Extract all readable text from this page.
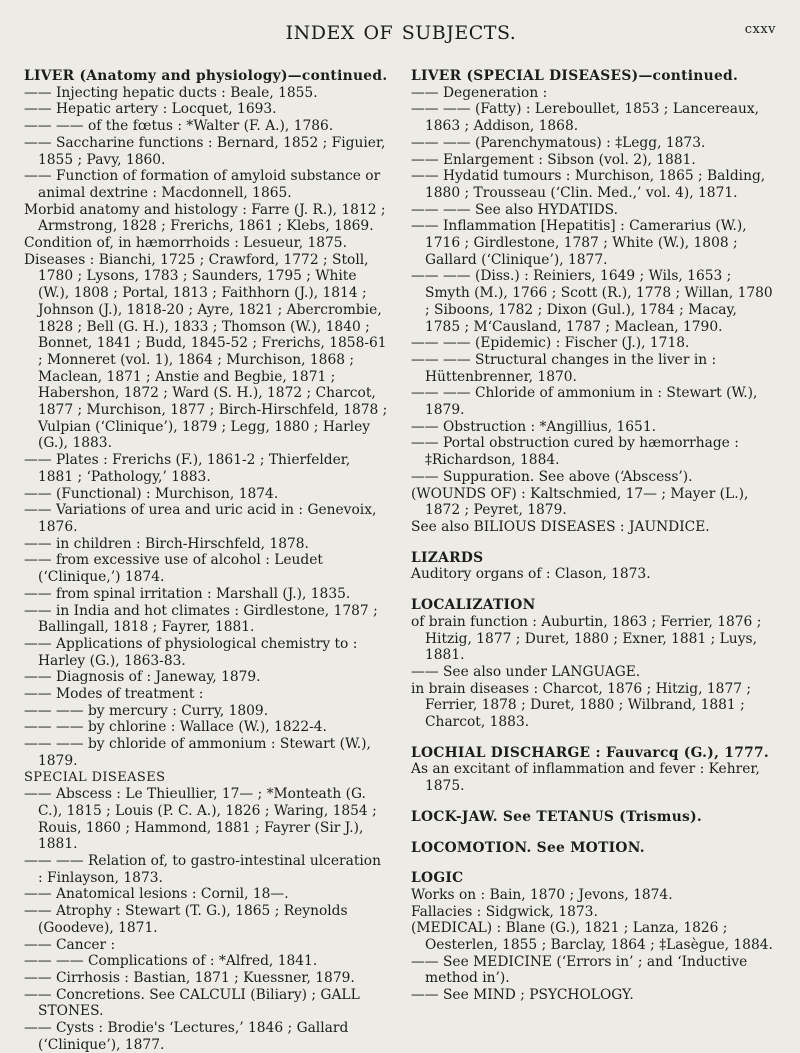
INDEX OF SUBJECTS.	cxxv

LIVER (Anatomy and physiology)—continued.

—— Injecting hepatic ducts : Beale, 1855.

—— Hepatic artery : Locquet, 1693.

—— —— of the fœtus : *Walter (F. A.), 1786.

—— Saccharine functions : Bernard, 1852 ; Figuier, 1855 ; Pavy, 1860.

—— Function of formation of amyloid substance or animal dextrine : Macdonnell, 1865.

Morbid anatomy and histology : Farre (J. R.), 1812 ; Armstrong, 1828 ; Frerichs, 1861 ; Klebs, 1869.

Condition of, in hæmorrhoids : Lesueur, 1875.

Diseases : Bianchi, 1725 ; Crawford, 1772 ; Stoll, 1780 ; Lysons, 1783 ; Saunders, 1795 ; White (W.), 1808 ; Portal, 1813 ; Faithhorn (J.), 1814 ; Johnson (J.), 1818-20 ; Ayre, 1821 ; Abercrombie, 1828 ; Bell (G. H.), 1833 ; Thomson (W.), 1840 ; Bonnet, 1841 ; Budd, 1845-52 ; Frerichs, 1858-61 ; Monneret (vol. 1), 1864 ; Murchison, 1868 ; Maclean, 1871 ; Anstie and Begbie, 1871 ; Habershon, 1872 ; Ward (S. H.), 1872 ; Charcot, 1877 ; Murchison, 1877 ; Birch-Hirschfeld, 1878 ; Vulpian (‘Clinique’), 1879 ; Legg, 1880 ; Harley (G.), 1883.

—— Plates : Frerichs (F.), 1861-2 ; Thierfelder, 1881 ; ‘Pathology,’ 1883.

—— (Functional) : Murchison, 1874.

—— Variations of urea and uric acid in : Genevoix, 1876.

—— in children : Birch-Hirschfeld, 1878.

—— from excessive use of alcohol : Leudet (‘Clinique,’) 1874.

—— from spinal irritation : Marshall (J.), 1835.

—— in India and hot climates : Girdlestone, 1787 ; Ballingall, 1818 ; Fayrer, 1881.

—— Applications of physiological chemistry to : Harley (G.), 1863-83.

—— Diagnosis of : Janeway, 1879.

—— Modes of treatment :

—— —— by mercury : Curry, 1809.

—— —— by chlorine : Wallace (W.), 1822-4.

—— —— by chloride of ammonium : Stewart (W.), 1879.

SPECIAL DISEASES

—— Abscess : Le Thieullier, 17— ; *Monteath (G. C.), 1815 ; Louis (P. C. A.), 1826 ; Waring, 1854 ; Rouis, 1860 ; Hammond, 1881 ; Fayrer (Sir J.), 1881.

—— —— Relation of, to gastro-intestinal ulceration : Finlayson, 1873.

—— Anatomical lesions : Cornil, 18—.

—— Atrophy : Stewart (T. G.), 1865 ; Reynolds (Goodeve), 1871.

—— Cancer :

—— —— Complications of : *Alfred, 1841.

—— Cirrhosis : Bastian, 1871 ; Kuessner, 1879.

—— Concretions. See CALCULI (Biliary) ; GALL STONES.

—— Cysts : Brodie's ‘Lectures,’ 1846 ; Gallard (‘Clinique’), 1877.

LIVER (SPECIAL DISEASES)—continued.

—— Degeneration :

—— —— (Fatty) : Lereboullet, 1853 ; Lancereaux, 1863 ; Addison, 1868.

—— —— (Parenchymatous) : ‡Legg, 1873.

—— Enlargement : Sibson (vol. 2), 1881.

—— Hydatid tumours : Murchison, 1865 ; Balding, 1880 ; Trousseau (‘Clin. Med.,’ vol. 4), 1871.

—— —— See also HYDATIDS.

—— Inflammation [Hepatitis] : Camerarius (W.), 1716 ; Girdlestone, 1787 ; White (W.), 1808 ; Gallard (‘Clinique’), 1877.

—— —— (Diss.) : Reiniers, 1649 ; Wils, 1653 ; Smyth (M.), 1766 ; Scott (R.), 1778 ; Willan, 1780 ; Siboons, 1782 ; Dixon (Gul.), 1784 ; Macay, 1785 ; M‘Causland, 1787 ; Maclean, 1790.

—— —— (Epidemic) : Fischer (J.), 1718.

—— —— Structural changes in the liver in : Hüttenbrenner, 1870.

—— —— Chloride of ammonium in : Stewart (W.), 1879.

—— Obstruction : *Angillius, 1651.

—— Portal obstruction cured by hæmorrhage : ‡Richardson, 1884.

—— Suppuration. See above (‘Abscess’).

(WOUNDS OF) : Kaltschmied, 17— ; Mayer (L.), 1872 ; Peyret, 1879.

See also BILIOUS DISEASES : JAUNDICE.

LIZARDS

Auditory organs of : Clason, 1873.

LOCALIZATION

of brain function : Auburtin, 1863 ; Ferrier, 1876 ; Hitzig, 1877 ; Duret, 1880 ; Exner, 1881 ; Luys, 1881.

—— See also under LANGUAGE.

in brain diseases : Charcot, 1876 ; Hitzig, 1877 ; Ferrier, 1878 ; Duret, 1880 ; Wilbrand, 1881 ; Charcot, 1883.

LOCHIAL DISCHARGE : Fauvarcq (G.), 1777.

As an excitant of inflammation and fever : Kehrer, 1875.

LOCK-JAW. See TETANUS (Trismus).

LOCOMOTION. See MOTION.

LOGIC

Works on : Bain, 1870 ; Jevons, 1874.

Fallacies : Sidgwick, 1873.

(MEDICAL) : Blane (G.), 1821 ; Lanza, 1826 ; Oesterlen, 1855 ; Barclay, 1864 ; ‡Lasègue, 1884.

—— See MEDICINE (‘Errors in’ ; and ‘Inductive method in’).

—— See MIND ; PSYCHOLOGY.
